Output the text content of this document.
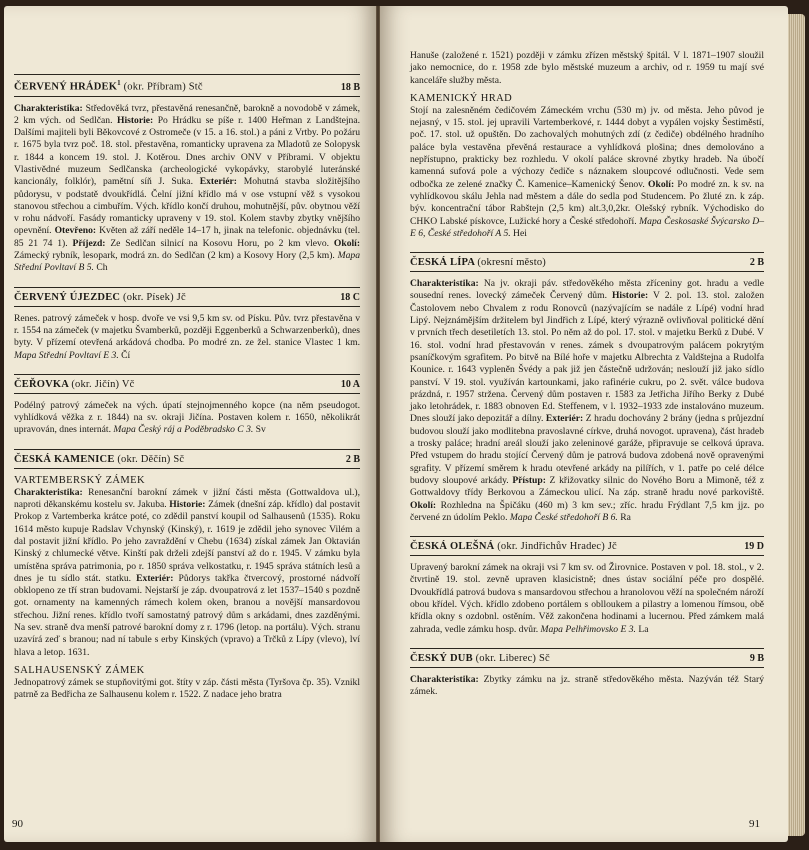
ČERVENÝ HRÁDEK$^1$ (okr. Příbram) Stč	18 B

Charakteristika: Středověká tvrz, přestavěná renesančně, barokně a novodobě v zámek, 2 km vých. od Sedlčan. Historie: Po Hrádku se píše r. 1400 Heřman z Landštejna. Dalšími majiteli byli Běkovcové z Ostromeče (v 15. a 16. stol.) a páni z Vrtby. Po požáru r. 1675 byla tvrz poč. 18. stol. přestavěna, romanticky upravena za Mladotů ze Solopysk r. 1844 a koncem 19. stol. J. Kotěrou. Dnes archiv ONV v Příbrami. V objektu Vlastivědné muzeum Sedlčanska (archeologické vykopávky, starobylé luteránské kancionály, folklór), pamětní síň J. Suka. Exteriér: Mohutná stavba složitějšího půdorysu, v podstatě dvoukřídlá. Čelní jižní křídlo má v ose vstupní věž s vysokou stanovou střechou a cimbuřím. Vých. křídlo končí druhou, mohutnější, pův. obytnou věží v rohu nádvoří. Fasády romanticky upraveny v 19. stol. Kolem stavby zbytky vnějšího opevnění. Otevřeno: Květen až září neděle 14–17 h, jinak na telefonic. objednávku (tel. 85 21 74 1). Příjezd: Ze Sedlčan silnicí na Kosovu Horu, po 2 km vlevo. Okolí: Zámecký rybník, lesopark, modrá zn. do Sedlčan (2 km) a Kosovy Hory (2,5 km). Mapa Střední Povltaví B 5. Ch

ČERVENÝ ÚJEZDEC (okr. Písek) Jč	18 C

Renes. patrový zámeček v hosp. dvoře ve vsi 9,5 km sv. od Písku. Pův. tvrz přestavěna v r. 1554 na zámeček (v majetku Švamberků, později Eggenberků a Schwarzenberků), dnes byty. V přízemí otevřená arkádová chodba. Po modré zn. ze žel. stanice Vlastec 1 km. Mapa Střední Povltaví E 3. Čí

ČEŘOVKA (okr. Jičín) Vč	10 A

Podélný patrový zámeček na vých. úpatí stejnojmenného kopce (na něm pseudogot. vyhlídková věžka z r. 1844) na sv. okraji Jičína. Postaven kolem r. 1650, několikrát upravován, dnes internát. Mapa Český ráj a Poděbradsko C 3. Sv

ČESKÁ KAMENICE (okr. Děčín) Sč	2 B
VARTEMBERSKÝ ZÁMEK

Charakteristika: Renesanční barokní zámek v jižní části města (Gottwaldova ul.), naproti děkanskému kostelu sv. Jakuba. Historie: Zámek (dnešní záp. křídlo) dal postavit Prokop z Vartemberka krátce poté, co zdědil panství koupil od Salhausenů (1535). Roku 1614 město kupuje Radslav Vchynský (Kinský), r. 1619 je zdědil jeho synovec Vilém a dal postavit jižní křídlo. Po jeho zavraždění v Chebu (1634) získal zámek Jan Oktavián Kinský z chlumecké větve. Kinští pak drželi zdejší panství až do r. 1945. V zámku byla umístěna správa patrimonia, po r. 1850 správa velkostatku, r. 1945 správa státních lesů a dnes je tu sídlo stát. statku. Exteriér: Půdorys takřka čtvercový, prostorné nádvoří obklopeno ze tří stran budovami. Nejstarší je záp. dvoupatrová z let 1537–1540 s pozdně got. ornamenty na kamenných rámech kolem oken, branou a novější mansardovou střechou. Jižní renes. křídlo tvoří samostatný patrový dům s arkádami, dnes zazděnými. Na sev. straně dva menší patrové barokní domy z r. 1796 (letop. na portálu). Vých. stranu uzavírá zeď s branou; nad ní tabule s erby Kinských (vpravo) a Trčků z Lípy (vlevo), lví hlava a letop. 1631.

SALHAUSENSKÝ ZÁMEK

Jednopatrový zámek se stupňovitými got. štíty v záp. části města (Tyršova čp. 35). Vznikl patrně za Bedřicha ze Salhausenu kolem r. 1522. Z nadace jeho bratra

90

Hanuše (založené r. 1521) později v zámku zřízen městský špitál. V l. 1871–1907 sloužil jako nemocnice, do r. 1958 zde bylo městské muzeum a archiv, od r. 1959 tu mají své kanceláře služby města.

KAMENICKÝ HRAD

Stojí na zalesněném čedičovém Zámeckém vrchu (530 m) jv. od města. Jeho původ je nejasný, v 15. stol. jej upravili Vartemberkové, r. 1444 dobyt a vypálen vojsky Šestiměstí, poč. 17. stol. už opuštěn. Do zachovalých mohutných zdí (z čediče) obdélného hradního paláce byla vestavěna převěná restaurace a vyhlídková plošina; dnes demolováno a nepřístupno, prakticky bez rozhledu. V okolí paláce skrovné zbytky hradeb. Na úbočí kamenná sufová pole a výchozy čediče s náznakem sloupcové odlučnosti. Vede sem odbočka ze zelené značky Č. Kamenice–Kamenický Šenov. Okolí: Po modré zn. k sv. na vyhlídkovou skálu Jehla nad městem a dále do sedla pod Studencem. Po žluté zn. k záp. býv. koncentrační tábor Rabštejn (2,5 km) alt.3,0,2kr. Olešský rybník. Východisko do CHKO Labské pískovce, Lužické hory a České středohoří. Mapa Českosaské Švýcarsko D–E 6, České středohoří A 5. Hei

ČESKÁ LÍPA (okresní město)	2 B

Charakteristika: Na jv. okraji páv. středověkého města zříceniny got. hradu a vedle sousední renes. lovecký zámeček Červený dům. Historie: V 2. pol. 13. stol. založen Častolovem nebo Chvalem z rodu Ronovců (nazývajícím se nadále z Lípé) vodní hrad Lipý. Nejznámějším držitelem byl Jindřich z Lípé, který výrazně ovlivňoval politické dění v prvních třech desetiletích 13. stol. Po něm až do pol. 17. stol. v majetku Berků z Dubé. V 16. stol. vodní hrad přestavován v renes. zámek s dvoupatrovým palácem pokrytým psaníčkovým sgrafitem. Po bitvě na Bílé hoře v majetku Albrechta z Valdštejna a Rudolfa Kounice. r. 1643 vypleněn Švédy a pak již jen částečně udržován; neslouží již jako sídlo panství. V 19. stol. využíván kartounkami, jako rafinérie cukru, po 2. svět. válce budova prázdná, r. 1957 stržena. Červený dům postaven r. 1583 za Jetřicha Jiřího Berky z Dubé jako letohrádek, r. 1883 obnoven Ed. Steffenem, v l. 1932–1933 zde instalováno muzeum. Dnes slouží jako depozitář a dílny. Exteriér: Z hradu dochovány 2 brány (jedna s průjezdní budovou slouží jako modlitebna pravoslavné církve, druhá novogot. upravena), část hradeb a trosky paláce; hradní areál slouží jako zeleninové garáže, připravuje se celková úprava. Před vstupem do hradu stojící Červený dům je patrová budova zdobená nově opravenými sgrafity. V přízemí směrem k hradu otevřené arkády na pilířích, v 1. patře po celé délce budovy sloupové arkády. Přístup: Z křižovatky silnic do Nového Boru a Mimoně, též z Gottwaldovy třídy Berkovou a Zámeckou ulicí. Na záp. straně hradu nové parkoviště. Okolí: Rozhledna na Špičáku (460 m) 3 km sev.; zříc. hradu Frýdlant 7,5 km jjz. po červené zn údolím Peklo. Mapa České středohoří B 6. Ra

ČESKÁ OLEŠNÁ (okr. Jindřichův Hradec) Jč	19 D

Upravený barokní zámek na okraji vsi 7 km sv. od Žirovnice. Postaven v pol. 18. stol., v 2. čtvrtině 19. stol. zevně upraven klasicistně; dnes ústav sociální péče pro dospělé. Dvoukřídlá patrová budova s mansardovou střechou a hranolovou věží na společném nároží obou křídel. Vých. křídlo zdobeno portálem s oblloukem a pilastry a lomenou římsou, obě křídla okny s ozdobnl. ostěním. Věž zakončena hodinami a lucernou. Před zámkem malá zahrada, vedle zámku hosp. dvůr. Mapa Pelhřimovsko E 3. La

ČESKÝ DUB (okr. Liberec) Sč	9 B

Charakteristika: Zbytky zámku na jz. straně středověkého města. Nazýván též Starý zámek.

91
